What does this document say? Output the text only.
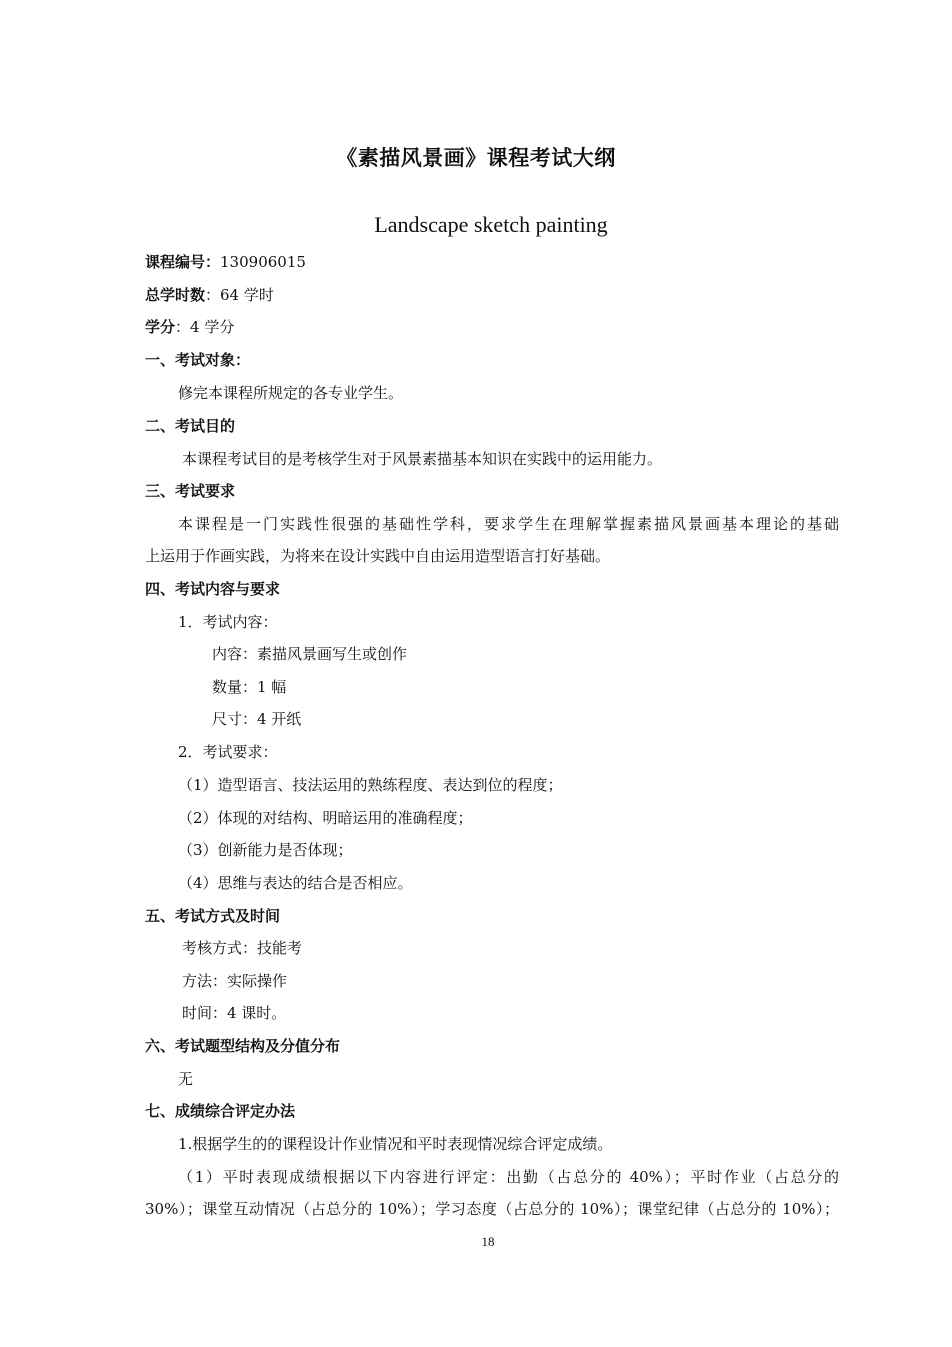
《素描风景画》课程考试大纲
Landscape sketch painting
课程编号：130906015
总学时数：64 学时
学分：4 学分
一、考试对象：
修完本课程所规定的各专业学生。
二、考试目的
本课程考试目的是考核学生对于风景素描基本知识在实践中的运用能力。
三、考试要求
本课程是一门实践性很强的基础性学科，要求学生在理解掌握素描风景画基本理论的基础
上运用于作画实践，为将来在设计实践中自由运用造型语言打好基础。
四、考试内容与要求
1．考试内容：
内容：素描风景画写生或创作
数量：1 幅
尺寸：4 开纸
2．考试要求：
（1）造型语言、技法运用的熟练程度、表达到位的程度；
（2）体现的对结构、明暗运用的准确程度；
（3）创新能力是否体现；
（4）思维与表达的结合是否相应。
五、考试方式及时间
考核方式：技能考
方法：实际操作
时间：4 课时。
六、考试题型结构及分值分布
无
七、成绩综合评定办法
1.根据学生的的课程设计作业情况和平时表现情况综合评定成绩。
（1）平时表现成绩根据以下内容进行评定：出勤（占总分的 40%）；平时作业（占总分的
30%）；课堂互动情况（占总分的 10%）；学习态度（占总分的 10%）；课堂纪律（占总分的 10%）；
18
